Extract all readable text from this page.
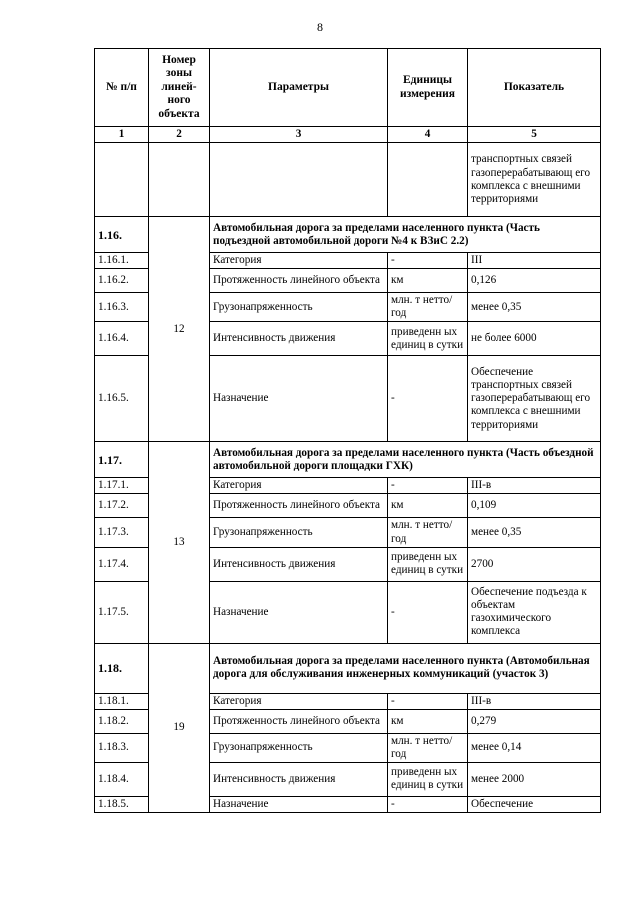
8
№ п/п	Номер зоны линей-ного объекта	Параметры	Единицы измерения	Показатель
1	2	3	4	5
				транспортных связей газоперерабатывающ его комплекса с внешними территориями
1.16.	12	Автомобильная дорога за пределами населенного пункта (Часть подъездной автомобильной дороги №4 к ВЗиС 2.2)		
1.16.1.		Категория	-	III
1.16.2.		Протяженность линейного объекта	км	0,126
1.16.3.		Грузонапряженность	млн. т нетто/год	менее 0,35
1.16.4.		Интенсивность движения	приведенн ых единиц в сутки	не более 6000
1.16.5.		Назначение	-	Обеспечение транспортных связей газоперерабатывающ его комплекса с внешними территориями
1.17.	13	Автомобильная дорога за пределами населенного пункта (Часть объездной автомобильной дороги площадки ГХК)		
1.17.1.		Категория	-	III-в
1.17.2.		Протяженность линейного объекта	км	0,109
1.17.3.		Грузонапряженность	млн. т нетто/год	менее 0,35
1.17.4.		Интенсивность движения	приведенн ых единиц в сутки	2700
1.17.5.		Назначение	-	Обеспечение подъезда к объектам газохимического комплекса
1.18.	19	Автомобильная дорога за пределами населенного пункта (Автомобильная дорога для обслуживания инженерных коммуникаций (участок 3)		
1.18.1.		Категория	-	III-в
1.18.2.		Протяженность линейного объекта	км	0,279
1.18.3.		Грузонапряженность	млн. т нетто/год	менее 0,14
1.18.4.		Интенсивность движения	приведенн ых единиц в сутки	менее 2000
1.18.5.		Назначение	-	Обеспечение
